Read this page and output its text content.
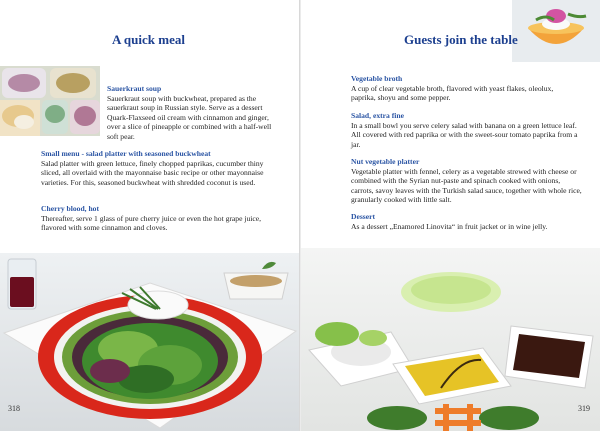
A quick meal
Sauerkraut soup

Sauerkraut soup with buckwheat, prepared as the sauerkraut soup in Russian style. Serve as a dessert Quark-Flaxseed oil cream with cinnamon and ginger, over a slice of pineapple or combined with a half-well soft pear.

Small menu - salad platter with seasoned buckwheat

Salad platter with green lettuce, finely chopped paprikas, cucumber thiny sliced, all overlaid with the mayonnaise basic recipe or other mayonnaise varieties. For this, seasoned buckwheat with shredded coconut is used.

Cherry blood, hot

Thereafter, serve 1 glass of pure cherry juice or even the hot grape juice, flavored with some cinnamon and cloves.

318
Guests join the table
Vegetable broth

A cup of clear vegetable broth, flavored with yeast flakes, oleolux, paprika, shoyu and some pepper.

Salad, extra fine

In a small bowl you serve celery salad with banana on a green lettuce leaf. All covered with red paprika or with the sweet-sour tomato paprika from a jar.

Nut vegetable platter

Vegetable platter with fennel, celery as a vegetable strewed with cheese or combined with the Syrian nut-paste and spinach cooked with onions, carrots, savoy leaves with the Turkish salad sauce, together with whole rice, granularly cooked with little salt.

Dessert

As a dessert „Enamored Linovita“ in fruit jacket or in wine jelly.

319
